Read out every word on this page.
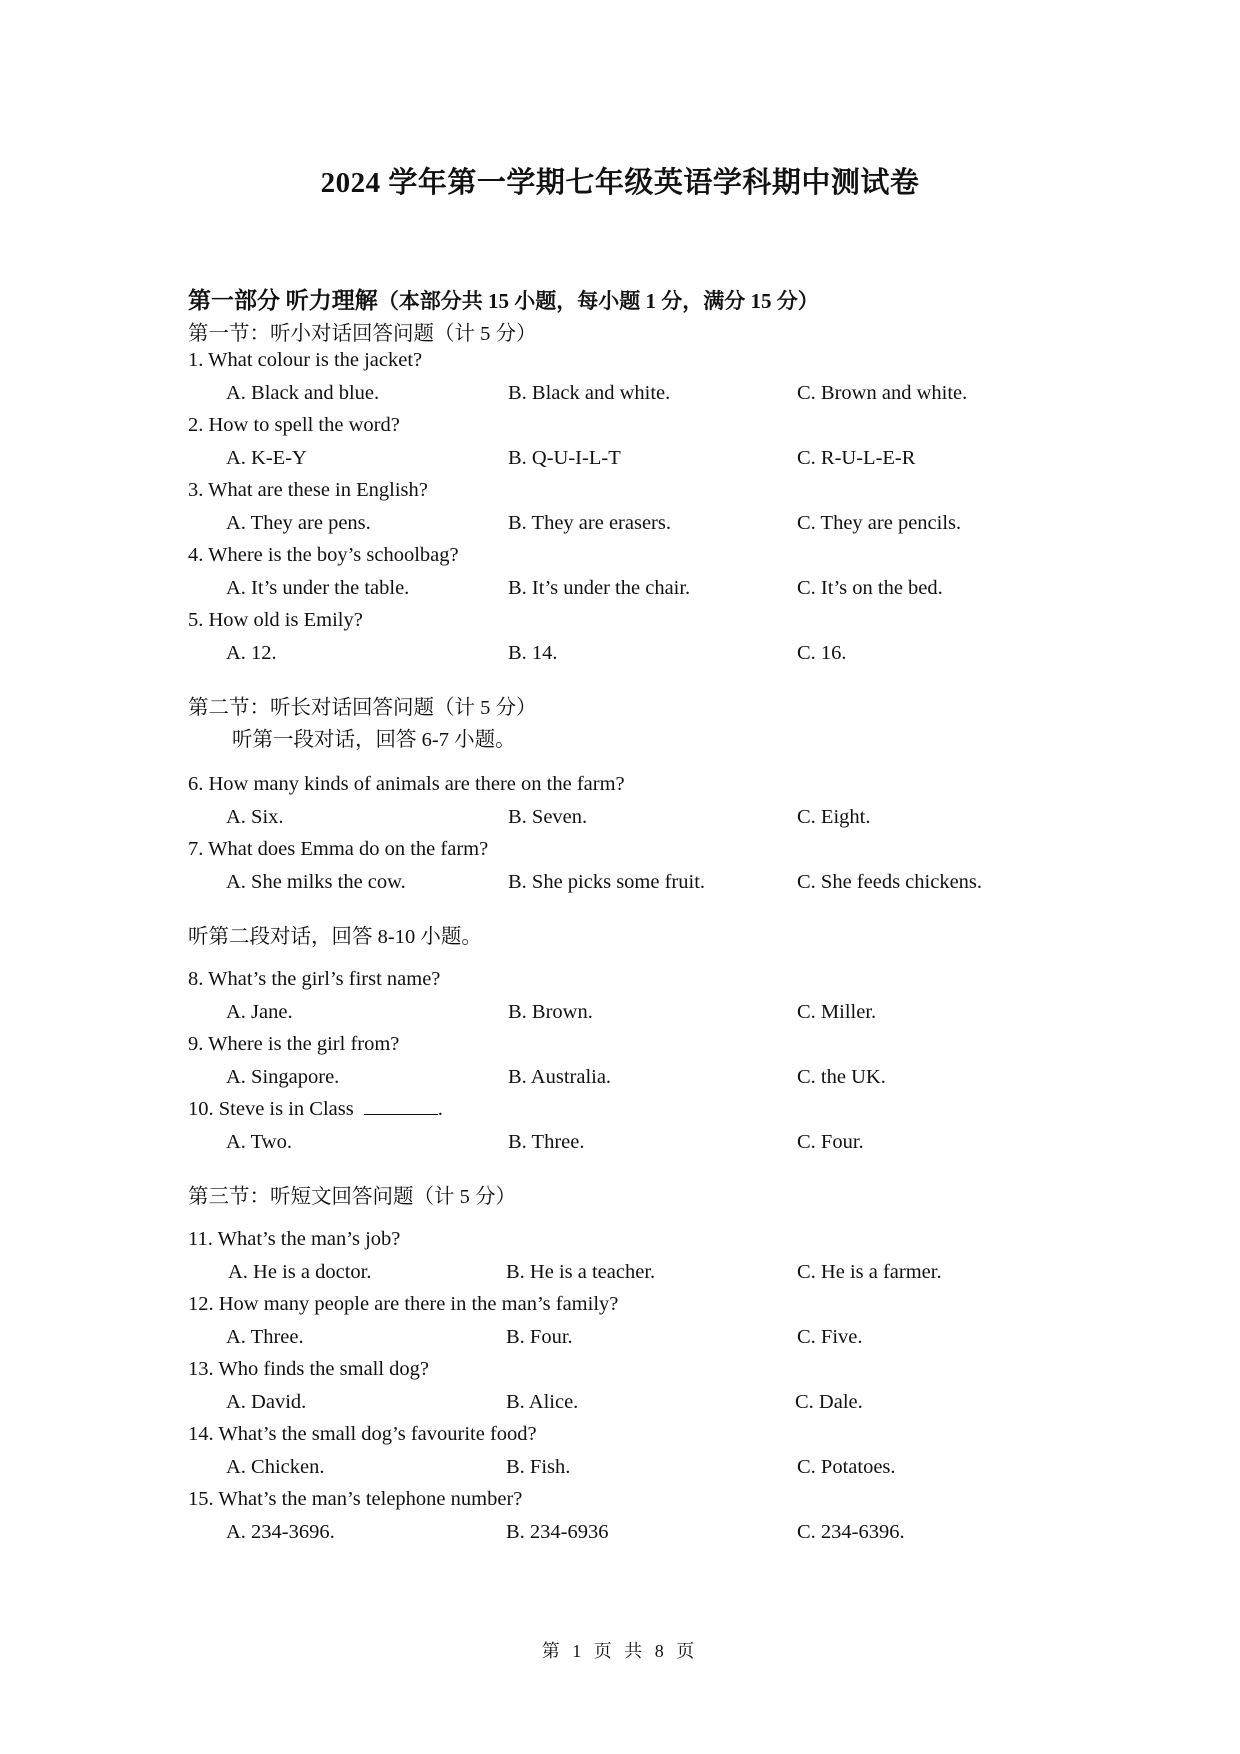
2024 学年第一学期七年级英语学科期中测试卷
第一部分 听力理解（本部分共 15 小题，每小题 1 分，满分 15 分）
第一节：听小对话回答问题（计 5 分）
1. What colour is the jacket?
A. Black and blue.	B. Black and white.	C. Brown and white.
2. How to spell the word?
A. K-E-Y	B. Q-U-I-L-T	C. R-U-L-E-R
3. What are these in English?
A. They are pens.	B. They are erasers.	C. They are pencils.
4. Where is the boy’s schoolbag?
A. It’s under the table.	B. It’s under the chair.	C. It’s on the bed.
5. How old is Emily?
A. 12.	B. 14.	C. 16.
第二节：听长对话回答问题（计 5 分）
听第一段对话，回答 6-7 小题。
6. How many kinds of animals are there on the farm?
A. Six.	B. Seven.	C. Eight.
7. What does Emma do on the farm?
A. She milks the cow.	B. She picks some fruit.	C. She feeds chickens.
听第二段对话，回答 8-10 小题。
8. What’s the girl’s first name?
A. Jane.	B. Brown.	C. Miller.
9. Where is the girl from?
A. Singapore.	B. Australia.	C. the UK.
10. Steve is in Class	.
A. Two.	B. Three.	C. Four.
第三节：听短文回答问题（计 5 分）
11. What’s the man’s job?
A. He is a doctor.	B. He is a teacher.	C. He is a farmer.
12. How many people are there in the man’s family?
A. Three.	B. Four.	C. Five.
13. Who finds the small dog?
A. David.	B. Alice.	C. Dale.
14. What’s the small dog’s favourite food?
A. Chicken.	B. Fish.	C. Potatoes.
15. What’s the man’s telephone number?
A. 234-3696.	B. 234-6936	C. 234-6396.
第 1 页 共 8 页
